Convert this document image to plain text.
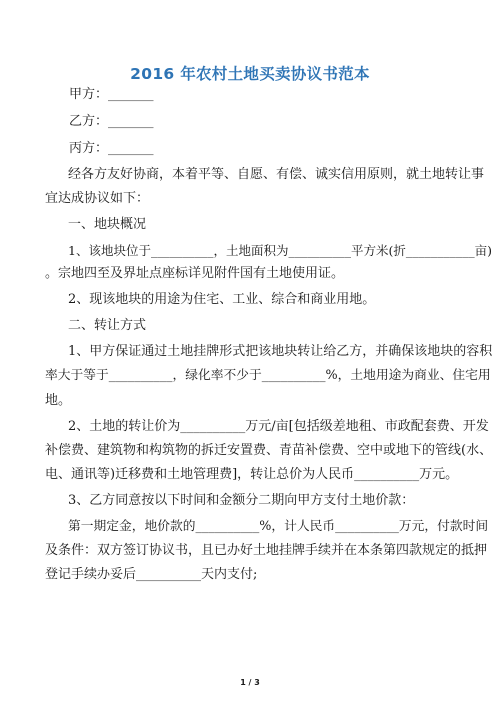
2016 年农村土地买卖协议书范本
甲方：_______
乙方：_______
丙方：_______
经各方友好协商，本着平等、自愿、有偿、诚实信用原则，就土地转让事
宜达成协议如下：
一、地块概况
1、该地块位于__________，土地面积为__________平方米(折___________亩)
。宗地四至及界址点座标详见附件国有土地使用证。
2、现该地块的用途为住宅、工业、综合和商业用地。
二、转让方式
1、甲方保证通过土地挂牌形式把该地块转让给乙方，并确保该地块的容积
率大于等于__________，绿化率不少于__________%，土地用途为商业、住宅用
地。
2、土地的转让价为__________万元/亩[包括级差地租、市政配套费、开发
补偿费、建筑物和构筑物的拆迁安置费、青苗补偿费、空中或地下的管线(水、
电、通讯等)迁移费和土地管理费]，转让总价为人民币__________万元。
3、乙方同意按以下时间和金额分二期向甲方支付土地价款：
第一期定金，地价款的__________%，计人民币__________万元，付款时间
及条件：双方签订协议书，且已办好土地挂牌手续并在本条第四款规定的抵押
登记手续办妥后__________天内支付;
1 / 3
